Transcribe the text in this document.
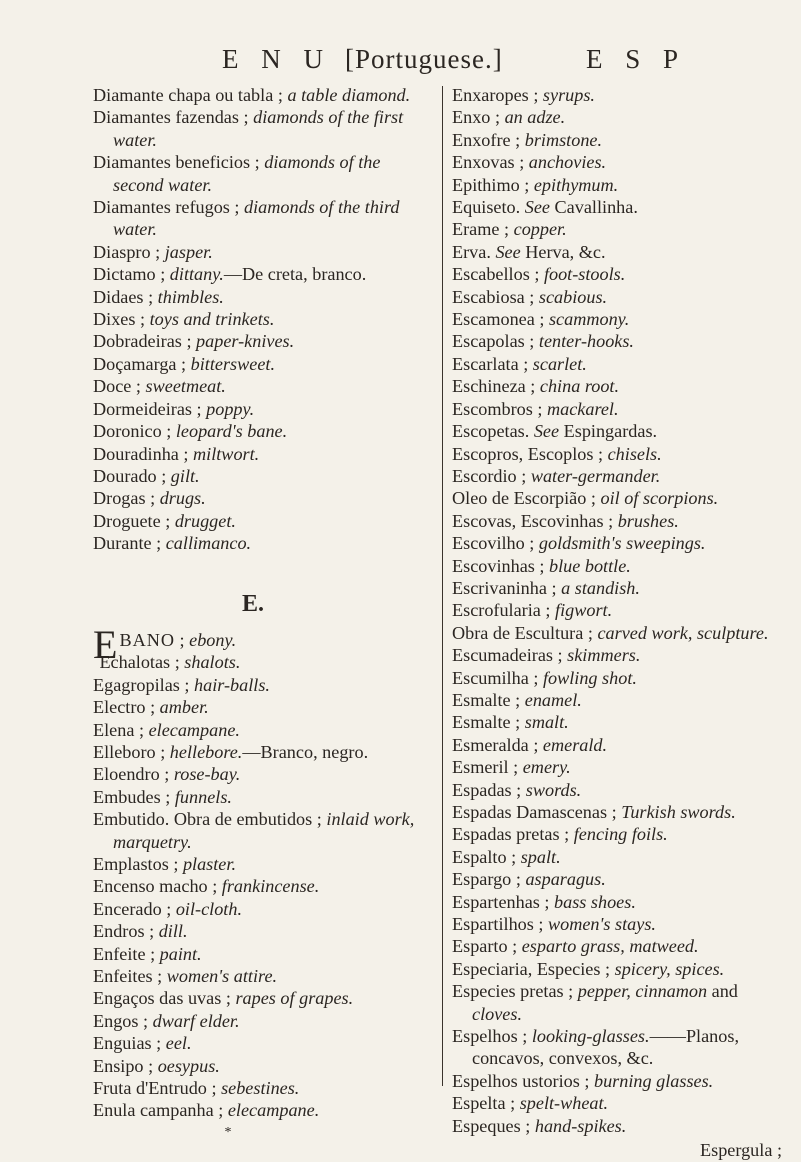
E N U [Portuguese.]	E S P

Diamante chapa ou tabla ; a table diamond.

Diamantes fazendas ; diamonds of the first water.

Diamantes beneficios ; diamonds of the second water.

Diamantes refugos ; diamonds of the third water.

Diaspro ; jasper.

Dictamo ; dittany.—De creta, branco.

Didaes ; thimbles.

Dixes ; toys and trinkets.

Dobradeiras ; paper-knives.

Doçamarga ; bittersweet.

Doce ; sweetmeat.

Dormeideiras ; poppy.

Doronico ; leopard's bane.

Douradinha ; miltwort.

Dourado ; gilt.

Drogas ; drugs.

Droguete ; drugget.

Durante ; callimanco.

E.

EBANO ; ebony.

Echalotas ; shalots.

Egagropilas ; hair-balls.

Electro ; amber.

Elena ; elecampane.

Elleboro ; hellebore.—Branco, negro.

Eloendro ; rose-bay.

Embudes ; funnels.

Embutido. Obra de embutidos ; inlaid work, marquetry.

Emplastos ; plaster.

Encenso macho ; frankincense.

Encerado ; oil-cloth.

Endros ; dill.

Enfeite ; paint.

Enfeites ; women's attire.

Engaços das uvas ; rapes of grapes.

Engos ; dwarf elder.

Enguias ; eel.

Ensipo ; oesypus.

Fruta d'Entrudo ; sebestines.

Enula campanha ; elecampane.

*

Enxaropes ; syrups.

Enxo ; an adze.

Enxofre ; brimstone.

Enxovas ; anchovies.

Epithimo ; epithymum.

Equiseto. See Cavallinha.

Erame ; copper.

Erva. See Herva, &c.

Escabellos ; foot-stools.

Escabiosa ; scabious.

Escamonea ; scammony.

Escapolas ; tenter-hooks.

Escarlata ; scarlet.

Eschineza ; china root.

Escombros ; mackarel.

Escopetas. See Espingardas.

Escopros, Escoplos ; chisels.

Escordio ; water-germander.

Oleo de Escorpião ; oil of scorpions.

Escovas, Escovinhas ; brushes.

Escovilho ; goldsmith's sweepings.

Escovinhas ; blue bottle.

Escrivaninha ; a standish.

Escrofularia ; figwort.

Obra de Escultura ; carved work, sculpture.

Escumadeiras ; skimmers.

Escumilha ; fowling shot.

Esmalte ; enamel.

Esmalte ; smalt.

Esmeralda ; emerald.

Esmeril ; emery.

Espadas ; swords.

Espadas Damascenas ; Turkish swords.

Espadas pretas ; fencing foils.

Espalto ; spalt.

Espargo ; asparagus.

Espartenhas ; bass shoes.

Espartilhos ; women's stays.

Esparto ; esparto grass, matweed.

Especiaria, Especies ; spicery, spices.

Especies pretas ; pepper, cinnamon and cloves.

Espelhos ; looking-glasses.——Planos, concavos, convexos, &c.

Espelhos ustorios ; burning glasses.

Espelta ; spelt-wheat.

Espeques ; hand-spikes.

Espergula ;
